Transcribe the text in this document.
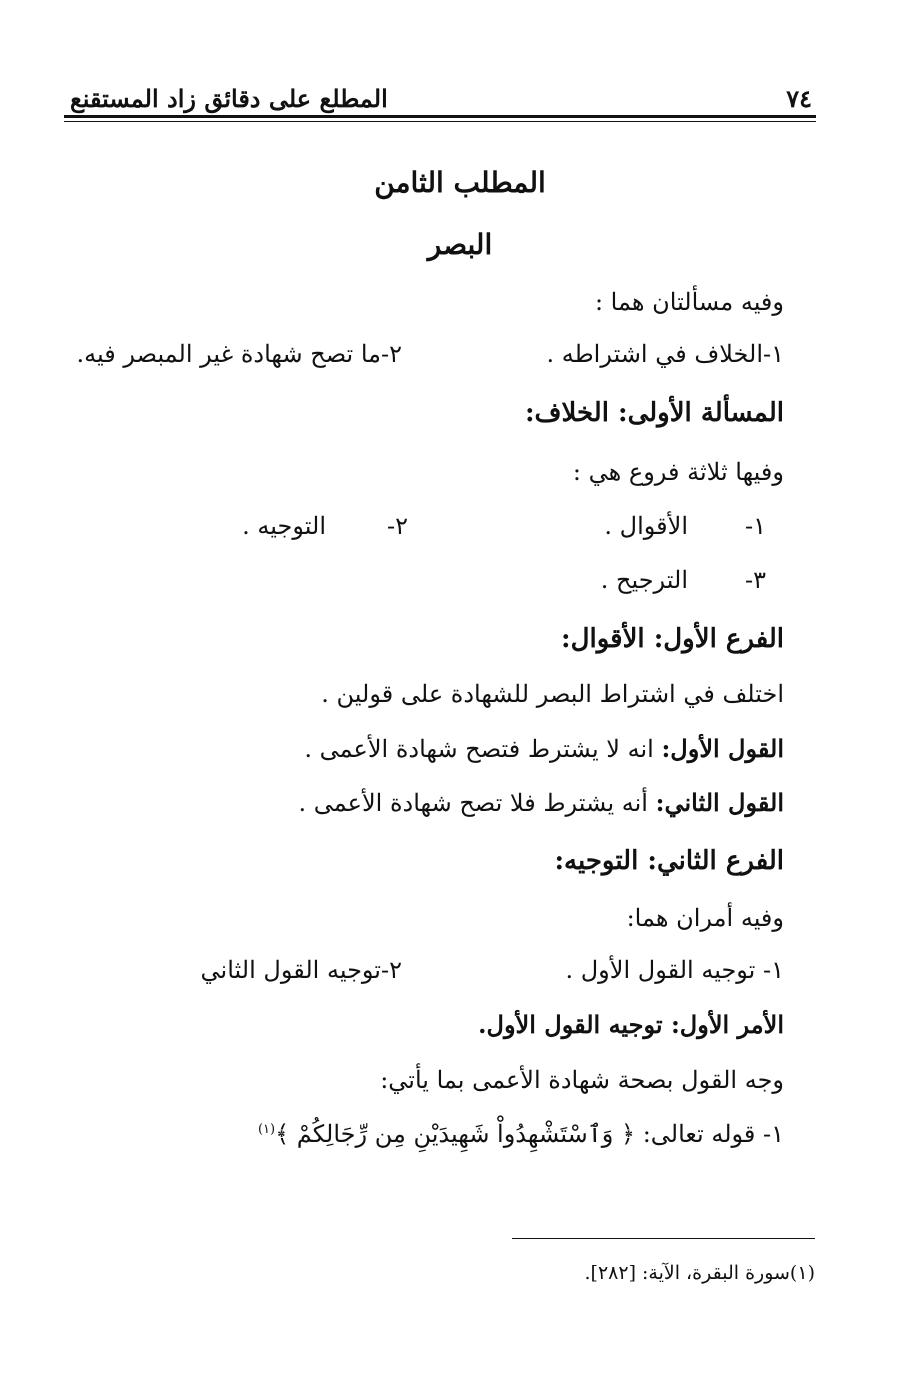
٧٤
المطلع على دقائق زاد المستقنع
المطلب الثامن
البصر
وفيه مسألتان هما :
١-الخلاف في اشتراطه .
٢-ما تصح شهادة غير المبصر فيه.
المسألة الأولى: الخلاف:
وفيها ثلاثة فروع هي :
١-
الأقوال .
٢-
التوجيه .
٣-
الترجيح .
الفرع الأول: الأقوال:
اختلف في اشتراط البصر للشهادة على قولين .
القول الأول: انه لا يشترط فتصح شهادة الأعمى .
القول الثاني: أنه يشترط فلا تصح شهادة الأعمى .
الفرع الثاني: التوجيه:
وفيه أمران هما:
١- توجيه القول الأول .
٢-توجيه القول الثاني
الأمر الأول: توجيه القول الأول.
وجه القول بصحة شهادة الأعمى بما يأتي:
١- قوله تعالى: ﴿ وَٱسْتَشْهِدُواْ شَهِيدَيْنِ مِن رِّجَالِكُمْ ﴾$^{(١)}$
(١)سورة البقرة، الآية: [٢٨٢].
